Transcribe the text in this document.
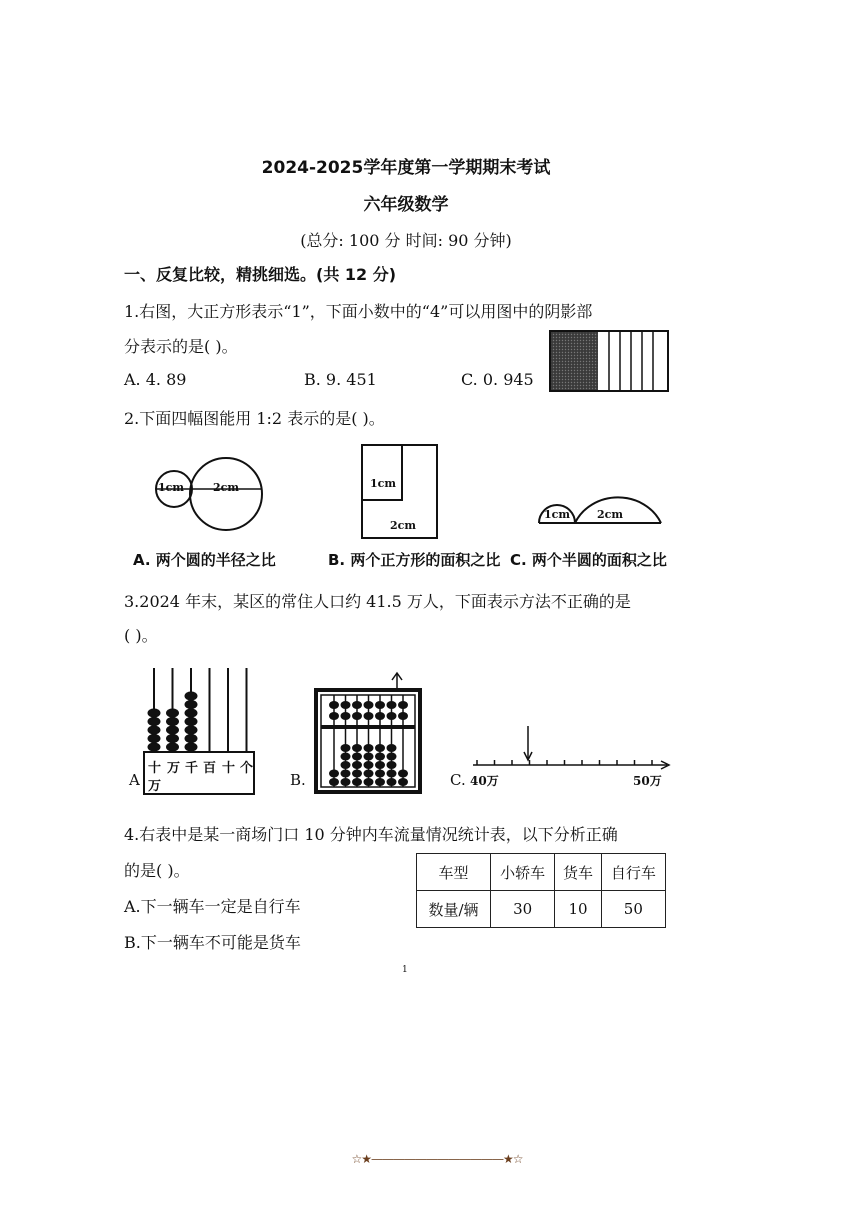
2024-2025学年度第一学期期末考试
六年级数学
(总分: 100 分 时间: 90 分钟)
一、反复比较，精挑细选。(共 12 分)
1.右图，大正方形表示“1”，下面小数中的“4”可以用图中的阴影部
分表示的是( )。
A. 4. 89	B. 9. 451	C. 0. 945
2.下面四幅图能用 1:2 表示的是( )。
1cm	2cm	1cm
2cm
1cm 2cm
A. 两个圆的半径之比	B. 两个正方形的面积之比 C. 两个半圆的面积之比
3.2024 年末，某区的常住人口约 41.5 万人，下面表示方法不正确的是
( )。
十 万 千 百 十 个
万
A	B.	C. 40万	50万
4.右表中是某一商场门口 10 分钟内车流量情况统计表，以下分析正确
的是( )。
A.下一辆车一定是自行车
B.下一辆车不可能是货车
车型	小轿车	货车	自行车
数量/辆	30	10	50
1
☆★————————————★☆
